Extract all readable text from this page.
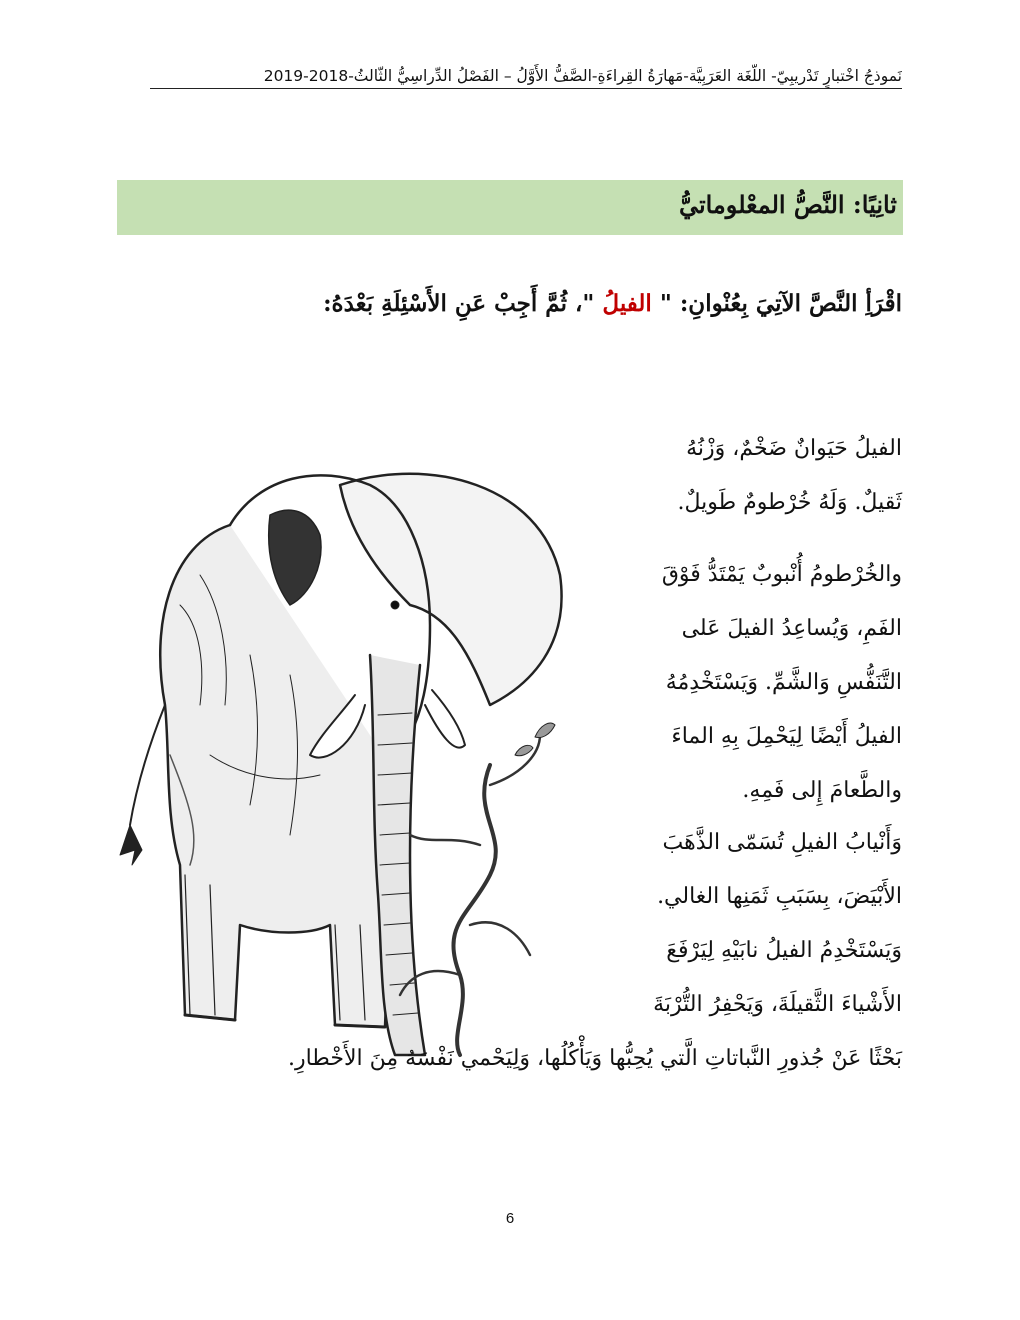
نَموذجُ اخْتبارٍ تَدْريبِيّ- اللُّغَة العَرَبِيَّة-مَهارَةُ القِراءَةِ-الصَّفُّ الأَوَّلُ – الفَصْلُ الدِّراسِيُّ الثّالثُ-2018-2019
ثانِيًا: النَّصُّ المعْلوماتيُّ
اقْرَأِ النَّصَّ الآتِيَ بِعُنْوانِ: " الفيلُ "، ثُمَّ أَجِبْ عَنِ الأَسْئِلَةِ بَعْدَهُ:
الفيلُ حَيَوانٌ ضَخْمٌ، وَزْنُهُ
ثَقيلٌ. وَلَهُ خُرْطومٌ طَويلٌ.
والخُرْطومُ أُنْبوبٌ يَمْتَدُّ فَوْقَ
الفَمِ، وَيُساعِدُ الفيلَ عَلى
التَّنَفُّسِ وَالشَّمِّ. وَيَسْتَخْدِمُهُ
الفيلُ أَيْضًا لِيَحْمِلَ بِهِ الماءَ
والطَّعامَ إِلى فَمِهِ.
وَأَنْيابُ الفيلِ تُسَمّى الذَّهَبَ
الأَبْيَضَ، بِسَبَبِ ثَمَنِها الغالي.
وَيَسْتَخْدِمُ الفيلُ نابَيْهِ لِيَرْفَعَ
الأَشْياءَ الثَّقيلَةَ، وَيَحْفِرُ التُّرْبَةَ
بَحْثًا عَنْ جُذورِ النَّباتاتِ الَّتي يُحِبُّها وَيَأْكُلُها، وَلِيَحْمي نَفْسَهُ مِنَ الأَخْطارِ.
6
